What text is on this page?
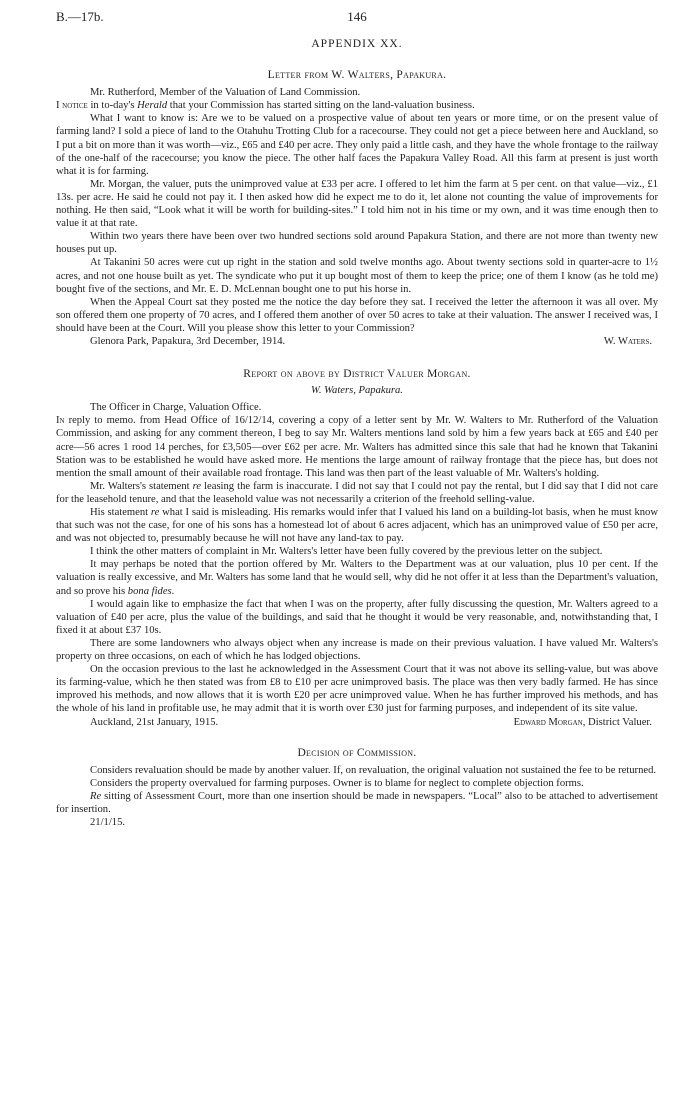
B.—17b.	146
APPENDIX XX.
Letter from W. Walters, Papakura.

Mr. Rutherford, Member of the Valuation of Land Commission.

I notice in to-day's Herald that your Commission has started sitting on the land-valuation business.

What I want to know is: Are we to be valued on a prospective value of about ten years or more time, or on the present value of farming land? I sold a piece of land to the Otahuhu Trotting Club for a racecourse. They could not get a piece between here and Auckland, so I put a bit on more than it was worth—viz., £65 and £40 per acre. They only paid a little cash, and they have the whole frontage to the railway of the one-half of the racecourse; you know the piece. The other half faces the Papakura Valley Road. All this farm at present is just worth what it is for farming.

Mr. Morgan, the valuer, puts the unimproved value at £33 per acre. I offered to let him the farm at 5 per cent. on that value—viz., £1 13s. per acre. He said he could not pay it. I then asked how did he expect me to do it, let alone not counting the value of improvements for nothing. He then said, “Look what it will be worth for building-sites.” I told him not in his time or my own, and it was time enough then to value it at that rate.

Within two years there have been over two hundred sections sold around Papakura Station, and there are not more than twenty new houses put up.

At Takanini 50 acres were cut up right in the station and sold twelve months ago. About twenty sections sold in quarter-acre to 1½ acres, and not one house built as yet. The syndicate who put it up bought most of them to keep the price; one of them I know (as he told me) bought five of the sections, and Mr. E. D. McLennan bought one to put his horse in.

When the Appeal Court sat they posted me the notice the day before they sat. I received the letter the afternoon it was all over. My son offered them one property of 70 acres, and I offered them another of over 50 acres to take at their valuation. The answer I received was, I should have been at the Court. Will you please show this letter to your Commission?

Glenora Park, Papakura, 3rd December, 1914.	W. Waters.
Report on above by District Valuer Morgan.
W. Waters, Papakura.

The Officer in Charge, Valuation Office.

In reply to memo. from Head Office of 16/12/14, covering a copy of a letter sent by Mr. W. Walters to Mr. Rutherford of the Valuation Commission, and asking for any comment thereon, I beg to say Mr. Walters mentions land sold by him a few years back at £65 and £40 per acre—56 acres 1 rood 14 perches, for £3,505—over £62 per acre. Mr. Walters has admitted since this sale that had he known that Takanini Station was to be established he would have asked more. He mentions the large amount of railway frontage that the piece has, but does not mention the small amount of their available road frontage. This land was then part of the least valuable of Mr. Walters's holding.

Mr. Walters's statement re leasing the farm is inaccurate. I did not say that I could not pay the rental, but I did say that I did not care for the leasehold tenure, and that the leasehold value was not necessarily a criterion of the freehold selling-value.

His statement re what I said is misleading. His remarks would infer that I valued his land on a building-lot basis, when he must know that such was not the case, for one of his sons has a homestead lot of about 6 acres adjacent, which has an unimproved value of £50 per acre, and was not objected to, presumably because he will not have any land-tax to pay.

I think the other matters of complaint in Mr. Walters's letter have been fully covered by the previous letter on the subject.

It may perhaps be noted that the portion offered by Mr. Walters to the Department was at our valuation, plus 10 per cent. If the valuation is really excessive, and Mr. Walters has some land that he would sell, why did he not offer it at less than the Department's valuation, and so prove his bona fides.

I would again like to emphasize the fact that when I was on the property, after fully discussing the question, Mr. Walters agreed to a valuation of £40 per acre, plus the value of the buildings, and said that he thought it would be very reasonable, and, notwithstanding that, I fixed it at about £37 10s.

There are some landowners who always object when any increase is made on their previous valuation. I have valued Mr. Walters's property on three occasions, on each of which he has lodged objections.

On the occasion previous to the last he acknowledged in the Assessment Court that it was not above its selling-value, but was above its farming-value, which he then stated was from £8 to £10 per acre unimproved basis. The place was then very badly farmed. He has since improved his methods, and now allows that it is worth £20 per acre unimproved value. When he has further improved his methods, and has the whole of his land in profitable use, he may admit that it is worth over £30 just for farming purposes, and independent of its site value.

Auckland, 21st January, 1915.	Edward Morgan, District Valuer.
Decision of Commission.

Considers revaluation should be made by another valuer. If, on revaluation, the original valuation not sustained the fee to be returned.

Considers the property overvalued for farming purposes. Owner is to blame for neglect to complete objection forms.

Re sitting of Assessment Court, more than one insertion should be made in newspapers. “Local” also to be attached to advertisement for insertion.

21/1/15.
